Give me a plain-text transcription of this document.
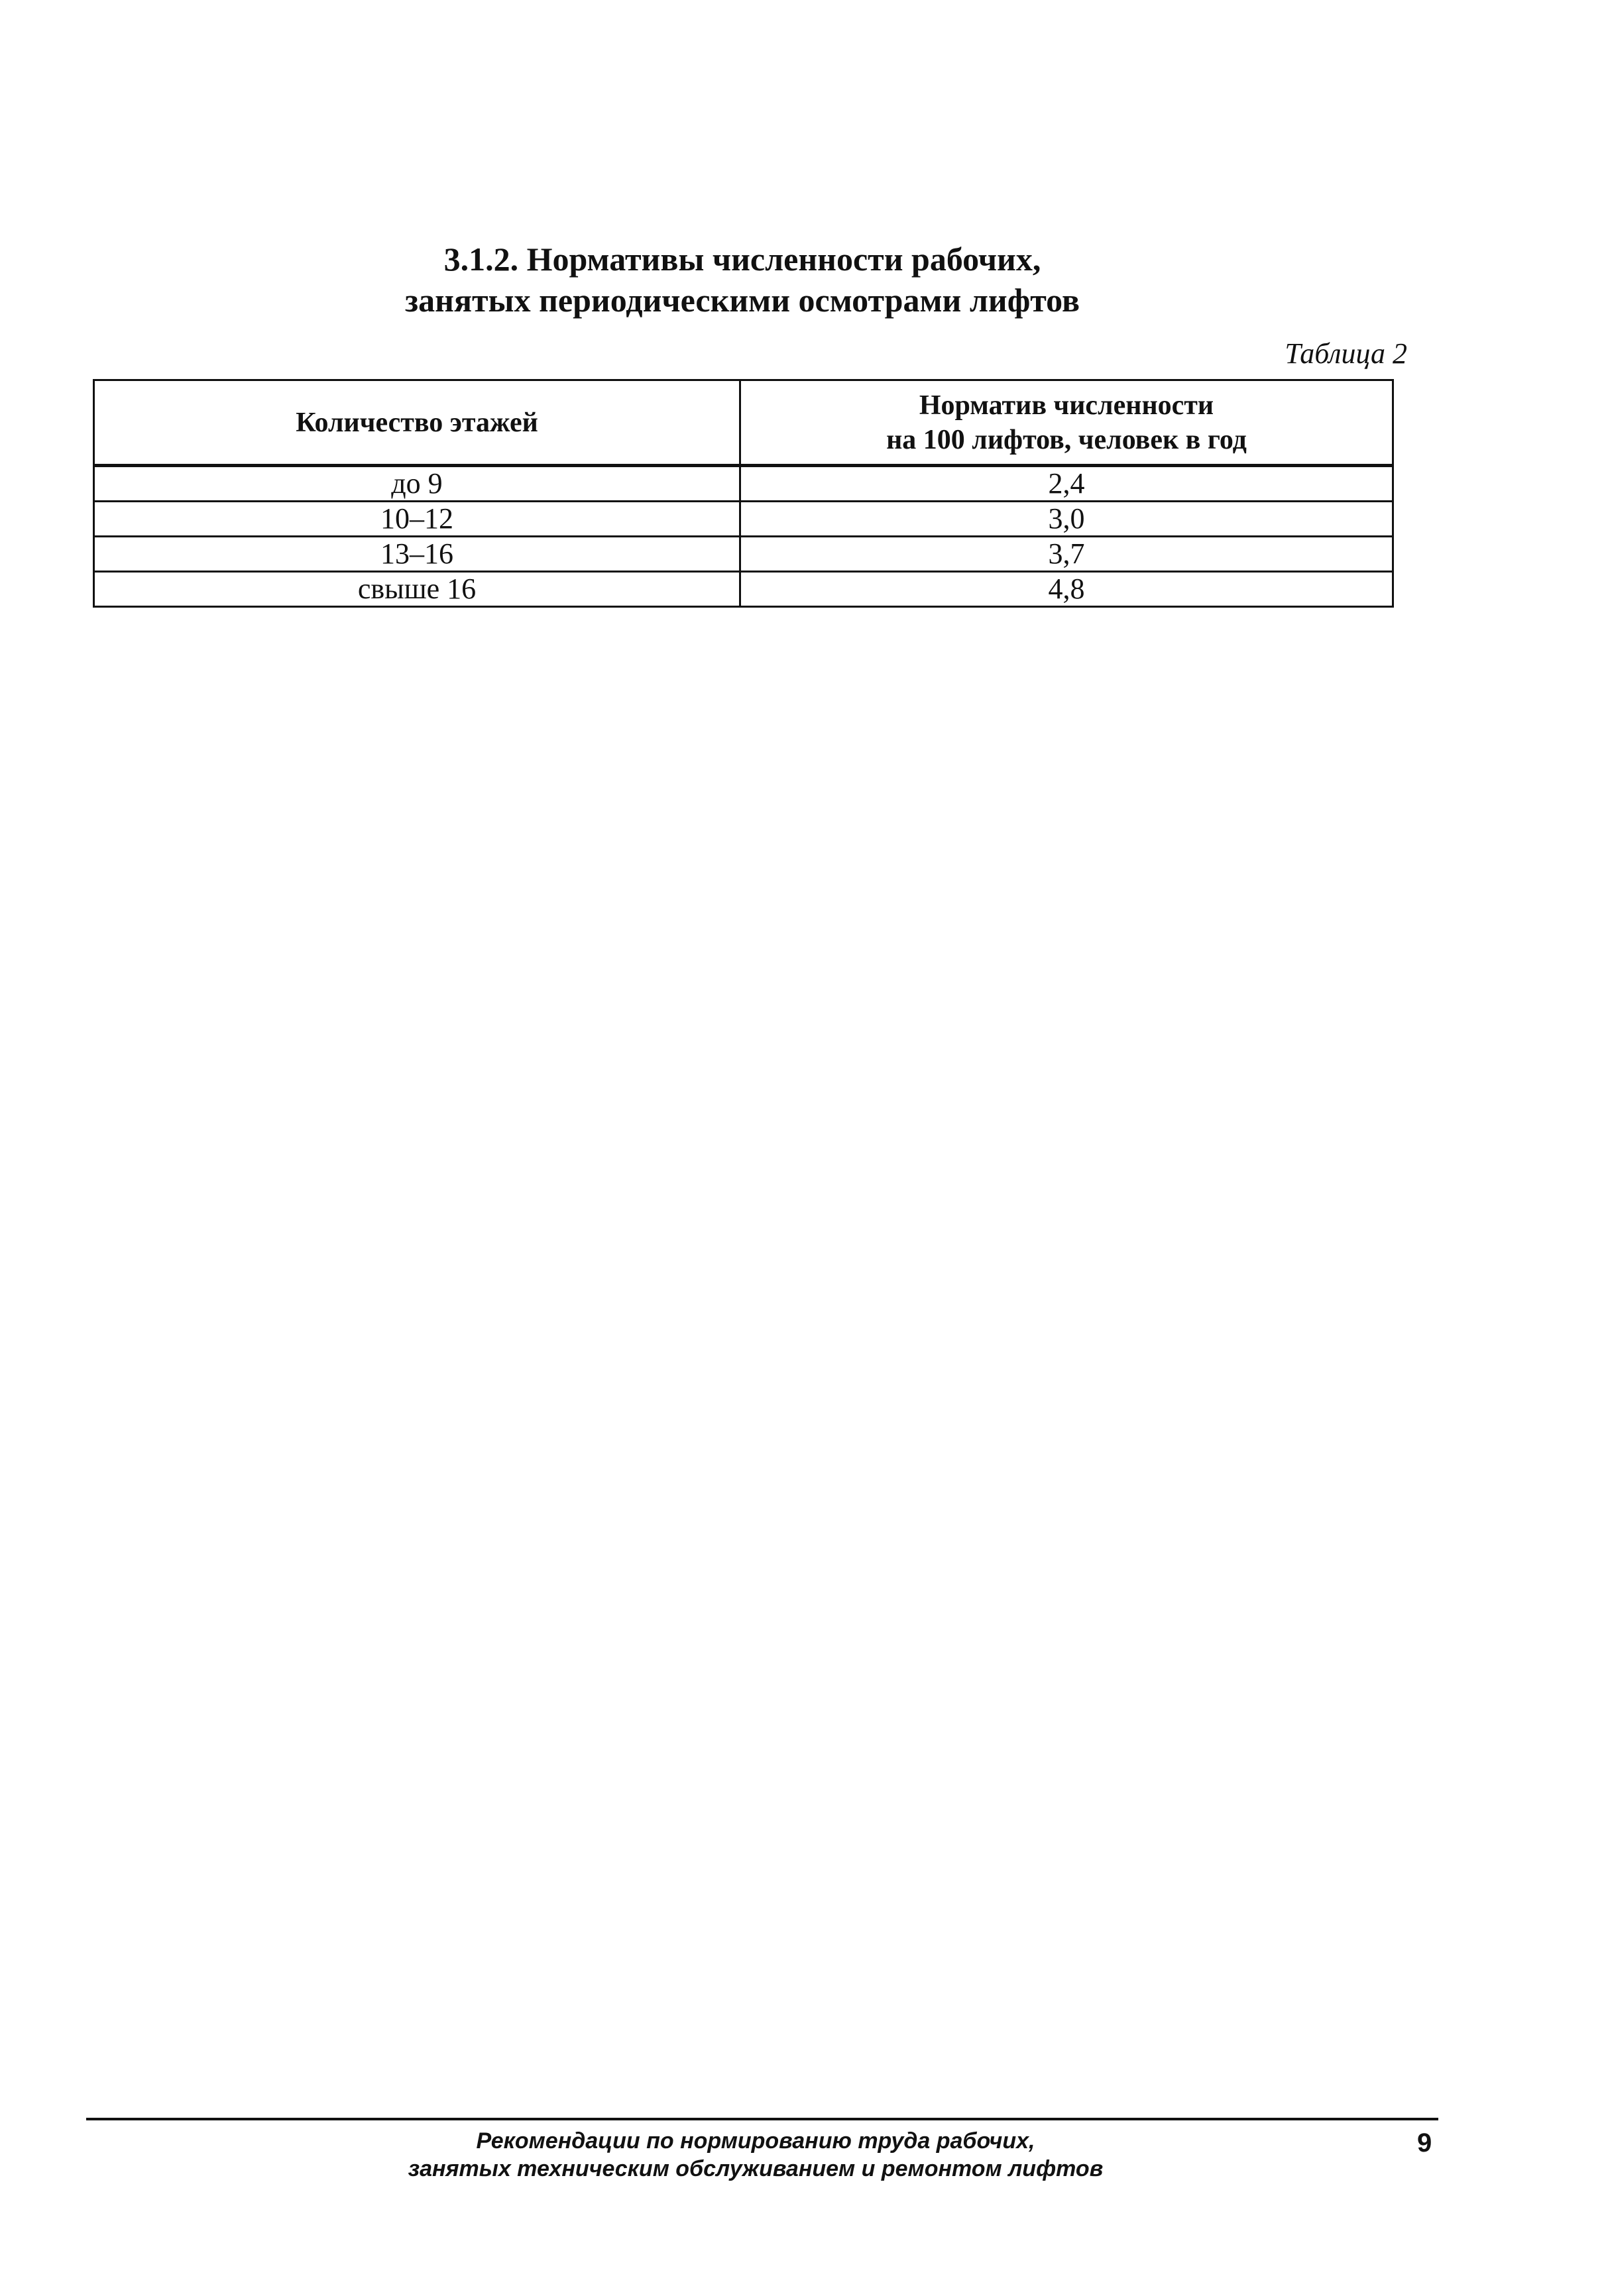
3.1.2. Нормативы численности рабочих,
занятых периодическими осмотрами лифтов
Таблица 2
Количество этажей	Норматив численности
на 100 лифтов, человек в год

до 9	2,4
10–12	3,0
13–16	3,7
свыше 16	4,8
Рекомендации по нормированию труда рабочих,
занятых техническим обслуживанием и ремонтом лифтов
9
